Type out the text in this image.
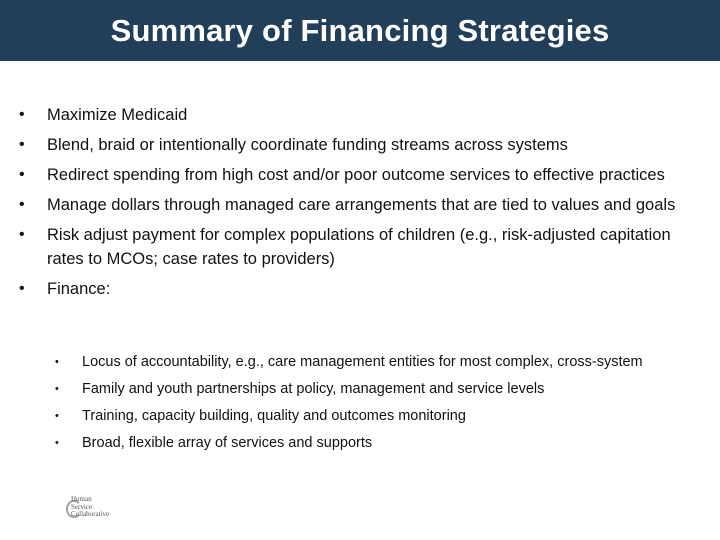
Summary of Financing Strategies
• Maximize Medicaid
• Blend, braid or intentionally coordinate funding streams across systems
• Redirect spending from high cost and/or poor outcome services to effective practices
• Manage dollars through managed care arrangements that are tied to values and goals
• Risk adjust payment for complex populations of children (e.g., risk-adjusted capitation rates to MCOs; case rates to providers)
• Finance:
• Locus of accountability, e.g., care management entities for most complex, cross-system
• Family and youth partnerships at policy, management and service levels
• Training, capacity building, quality and outcomes monitoring
• Broad, flexible array of services and supports
Human
Service
Collaborative
